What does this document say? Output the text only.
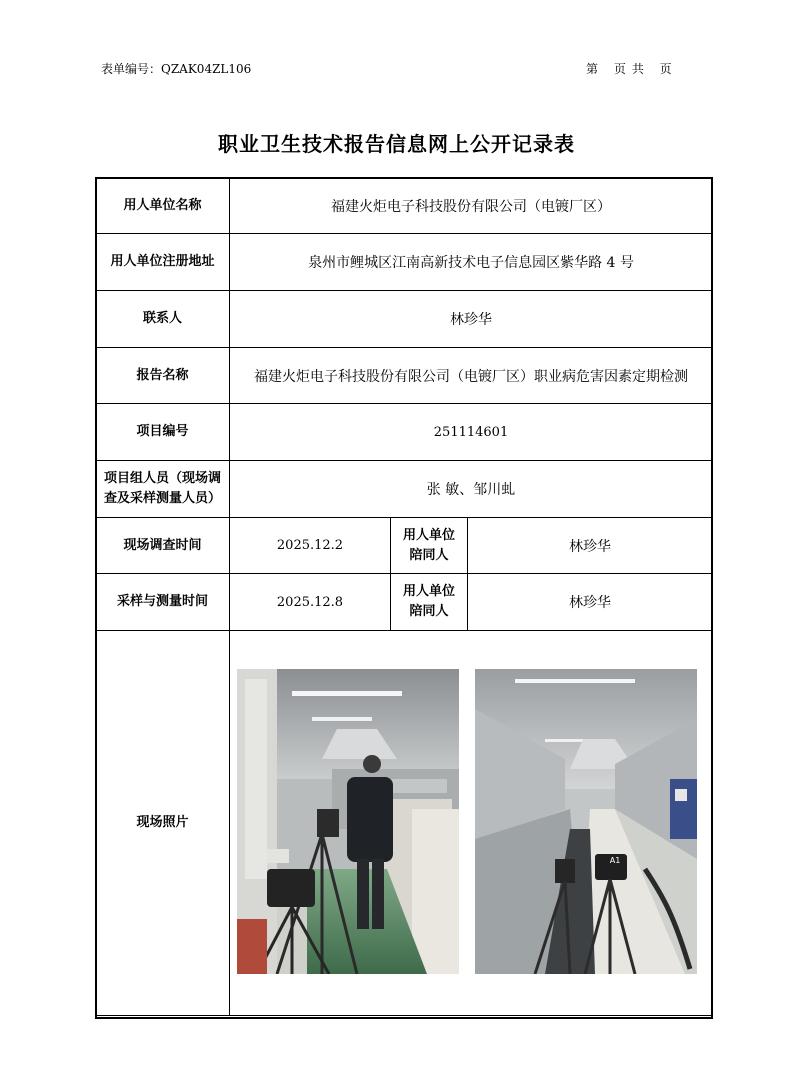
表单编号：QZAK04ZL106	第 页共 页
职业卫生技术报告信息网上公开记录表
用人单位名称	福建火炬电子科技股份有限公司（电镀厂区）		
用人单位注册地址	泉州市鲤城区江南高新技术电子信息园区紫华路 4 号		
联系人	林珍华		
报告名称	福建火炬电子科技股份有限公司（电镀厂区）职业病危害因素定期检测		
项目编号	251114601		
项目组人员（现场调查及采样测量人员）	张 敏、邹川虬		
现场调查时间	2025.12.2	用人单位陪同人	林珍华
采样与测量时间	2025.12.8	用人单位陪同人	林珍华
现场照片			
A1
